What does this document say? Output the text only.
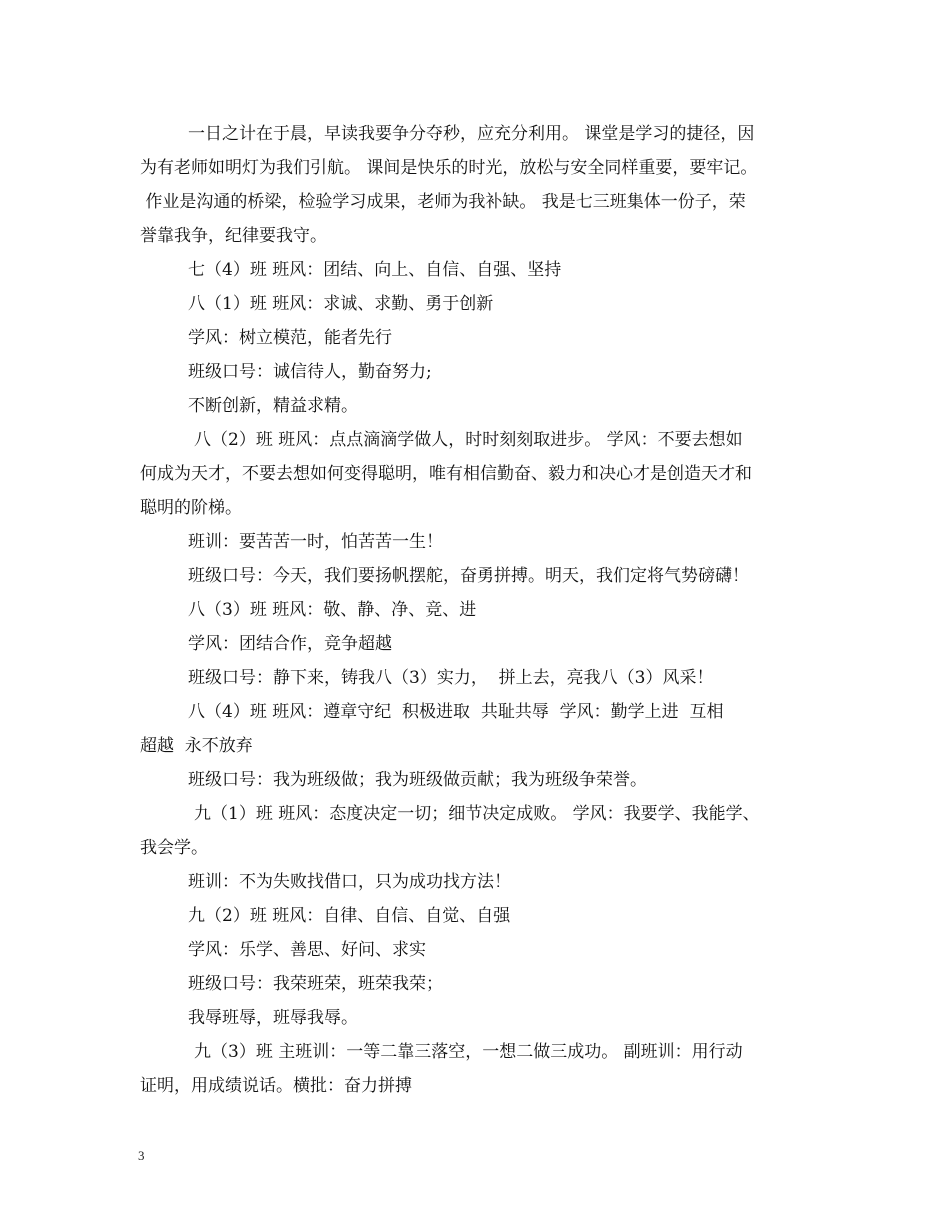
一日之计在于晨，早读我要争分夺秒，应充分利用。 课堂是学习的捷径，因

为有老师如明灯为我们引航。 课间是快乐的时光，放松与安全同样重要，要牢记。

作业是沟通的桥梁，检验学习成果，老师为我补缺。 我是七三班集体一份子，荣

誉靠我争，纪律要我守。

七（4）班 班风：团结、向上、自信、自强、坚持

八（1）班 班风：求诚、求勤、勇于创新

学风：树立模范，能者先行

班级口号：诚信待人，勤奋努力;

不断创新，精益求精。

八（2）班 班风：点点滴滴学做人，时时刻刻取进步。 学风：不要去想如

何成为天才，不要去想如何变得聪明，唯有相信勤奋、毅力和决心才是创造天才和

聪明的阶梯。

班训：要苦苦一时，怕苦苦一生！

班级口号：今天，我们要扬帆摆舵，奋勇拼搏。明天，我们定将气势磅礴！

八（3）班 班风：敬、静、净、竞、进

学风：团结合作，竞争超越

班级口号：静下来，铸我八（3）实力，  拼上去，亮我八（3）风采！

八（4）班 班风：遵章守纪  积极进取  共耻共辱  学风：勤学上进  互相

超越  永不放弃

班级口号：我为班级做；我为班级做贡献；我为班级争荣誉。

九（1）班 班风：态度决定一切；细节决定成败。 学风：我要学、我能学、

我会学。

班训：不为失败找借口，只为成功找方法！

九（2）班 班风：自律、自信、自觉、自强

学风：乐学、善思、好问、求实

班级口号：我荣班荣，班荣我荣；

我辱班辱，班辱我辱。

九（3）班 主班训：一等二靠三落空，一想二做三成功。 副班训：用行动

证明，用成绩说话。横批：奋力拼搏

3
